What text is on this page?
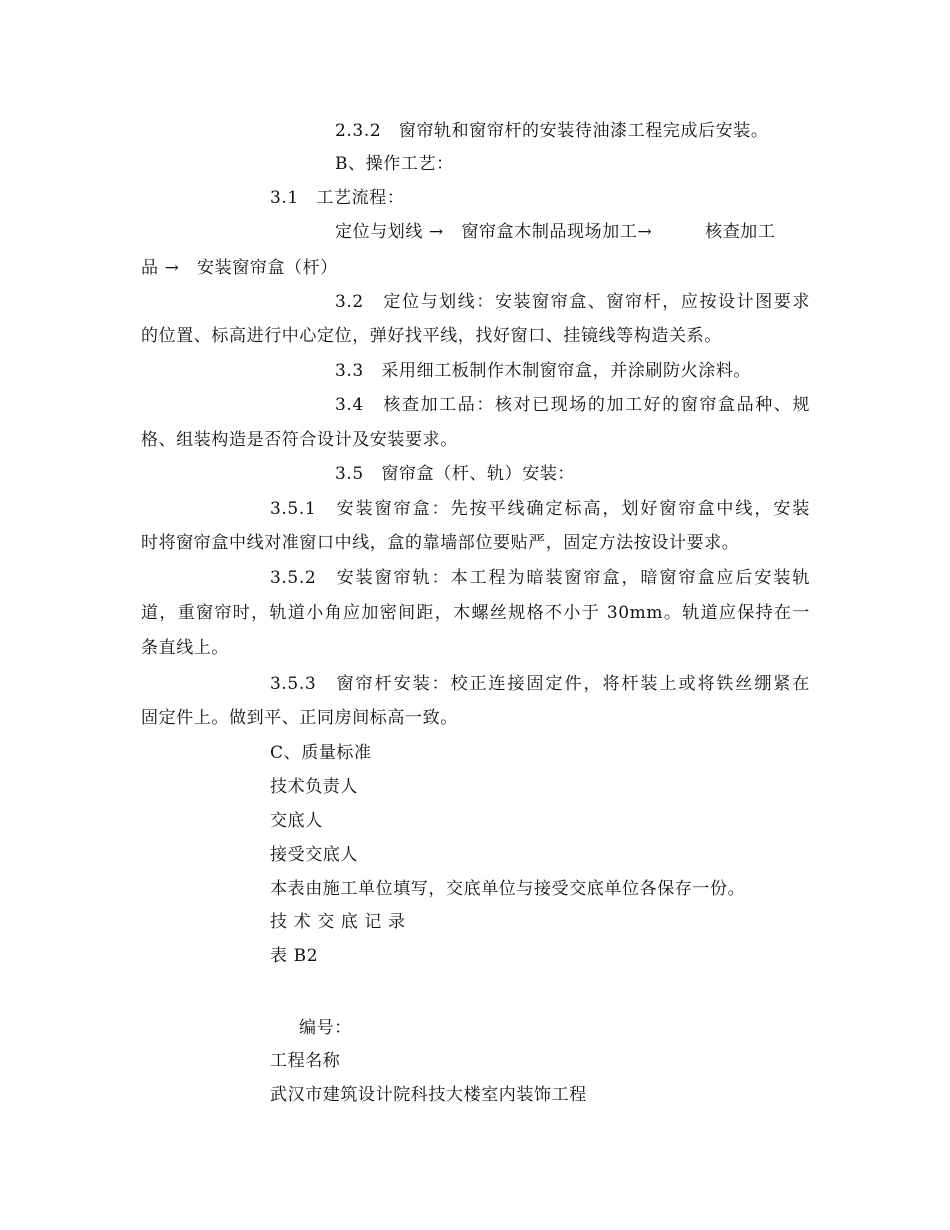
2.3.2　窗帘轨和窗帘杆的安装待油漆工程完成后安装。
B、操作工艺：
3.1　工艺流程：
定位与划线 →　窗帘盒木制品现场加工→　　　核查加工
品 →　安装窗帘盒（杆）
3.2　定位与划线：安装窗帘盒、窗帘杆，应按设计图要求
的位置、标高进行中心定位，弹好找平线，找好窗口、挂镜线等构造关系。
3.3　采用细工板制作木制窗帘盒，并涂刷防火涂料。
3.4　核查加工品：核对已现场的加工好的窗帘盒品种、规
格、组装构造是否符合设计及安装要求。
3.5　窗帘盒（杆、轨）安装：
3.5.1　安装窗帘盒：先按平线确定标高，划好窗帘盒中线，安装
时将窗帘盒中线对准窗口中线，盒的靠墙部位要贴严，固定方法按设计要求。
3.5.2　安装窗帘轨：本工程为暗装窗帘盒，暗窗帘盒应后安装轨
道，重窗帘时，轨道小角应加密间距，木螺丝规格不小于 30mm。轨道应保持在一
条直线上。
3.5.3　窗帘杆安装：校正连接固定件，将杆装上或将铁丝绷紧在
固定件上。做到平、正同房间标高一致。
C、质量标准
技术负责人
交底人
接受交底人
本表由施工单位填写，交底单位与接受交底单位各保存一份。
技 术 交 底 记 录
表 B2
编号：
工程名称
武汉市建筑设计院科技大楼室内装饰工程
